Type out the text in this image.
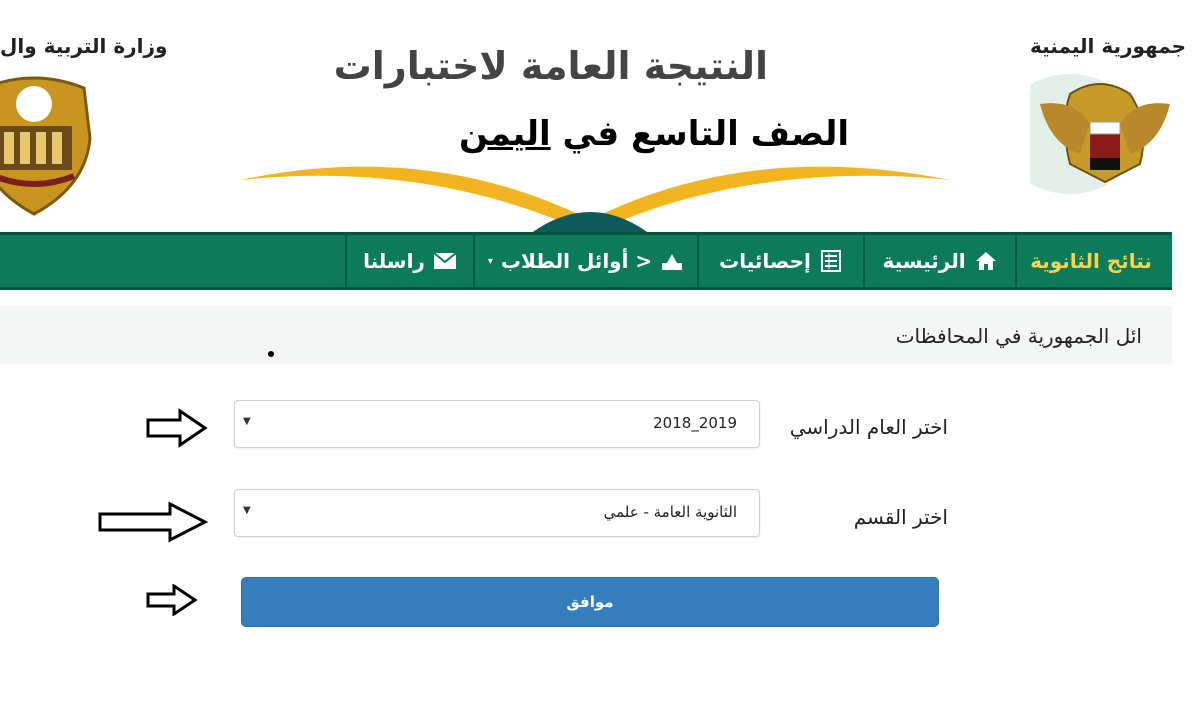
وزارة التربية وال	جمهورية اليمنية
النتيجة العامة لاختبارات
الصف التاسع في اليمن
نتائج الثانوية
الرئيسية
إحصائيات
< أوائل الطلاب
▾
راسلنا
ائل الجمهورية في المحافظات
اختر العام الدراسي
▼	2019_2018
اختر القسم
▼	الثانوية العامة - علمي
موافق
